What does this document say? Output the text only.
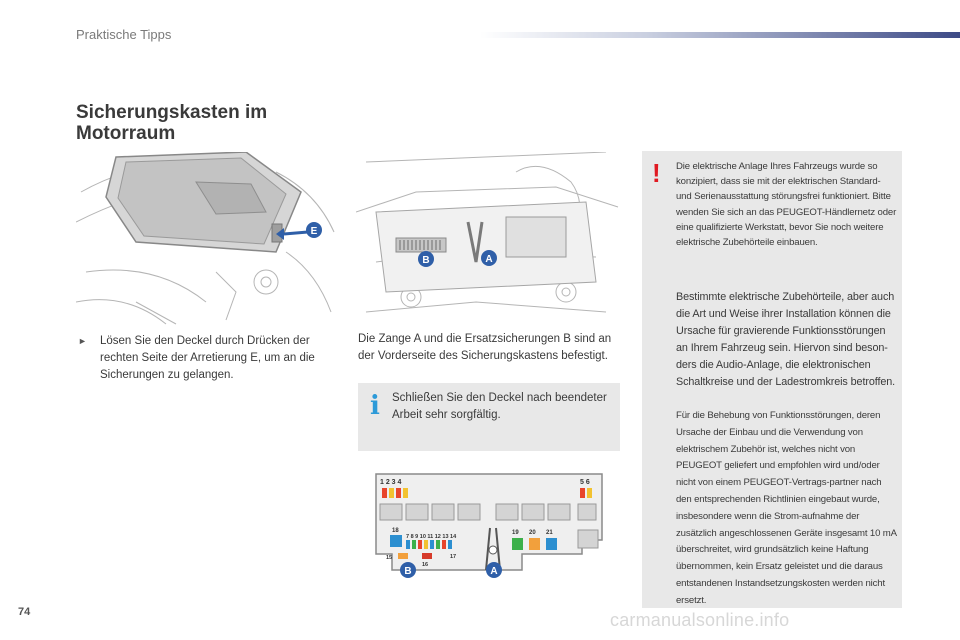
Praktische Tipps
Sicherungskasten im Motorraum
E
B	A
► Lösen Sie den Deckel durch Drücken der rechten Seite der Arretierung E, um an die Sicherungen zu gelangen.
Die Zange A und die Ersatzsicherungen B sind an der Vorderseite des Sicherungskastens befestigt.
i	Schließen Sie den Deckel nach beendeter Arbeit sehr sorgfältig.
1 2 3 4	5 6
18
7 8 9 10 11 12 13 14
15	17
16
19 20 21
B	A
! Die elektrische Anlage Ihres Fahrzeugs wurde so konzipiert, dass sie mit der elektrischen Standard- und Serienausstattung störungsfrei funktioniert. Bitte wenden Sie sich an das PEUGEOT-Händlernetz oder eine qualifizierte Werkstatt, bevor Sie noch weitere elektrische Zubehörteile einbauen.
Bestimmte elektrische Zubehörteile, aber auch die Art und Weise ihrer Installation können die Ursache für gravierende Funktionsstörungen an Ihrem Fahrzeug sein. Hiervon sind beson-ders die Audio-Anlage, die elektronischen Schaltkreise und der Ladestromkreis betroffen.
Für die Behebung von Funktionsstörungen, deren Ursache der Einbau und die Verwendung von elektrischem Zubehör ist, welches nicht von PEUGEOT geliefert und empfohlen wird und/oder nicht von einem PEUGEOT-Vertrags-partner nach den entsprechenden Richtlinien eingebaut wurde, insbesondere wenn die Strom-aufnahme der zusätzlich angeschlossenen Geräte insgesamt 10 mA überschreitet, wird grundsätzlich keine Haftung übernommen, kein Ersatz geleistet und die daraus entstandenen Instandsetzungskosten werden nicht ersetzt.
74	carmanualsonline.info
